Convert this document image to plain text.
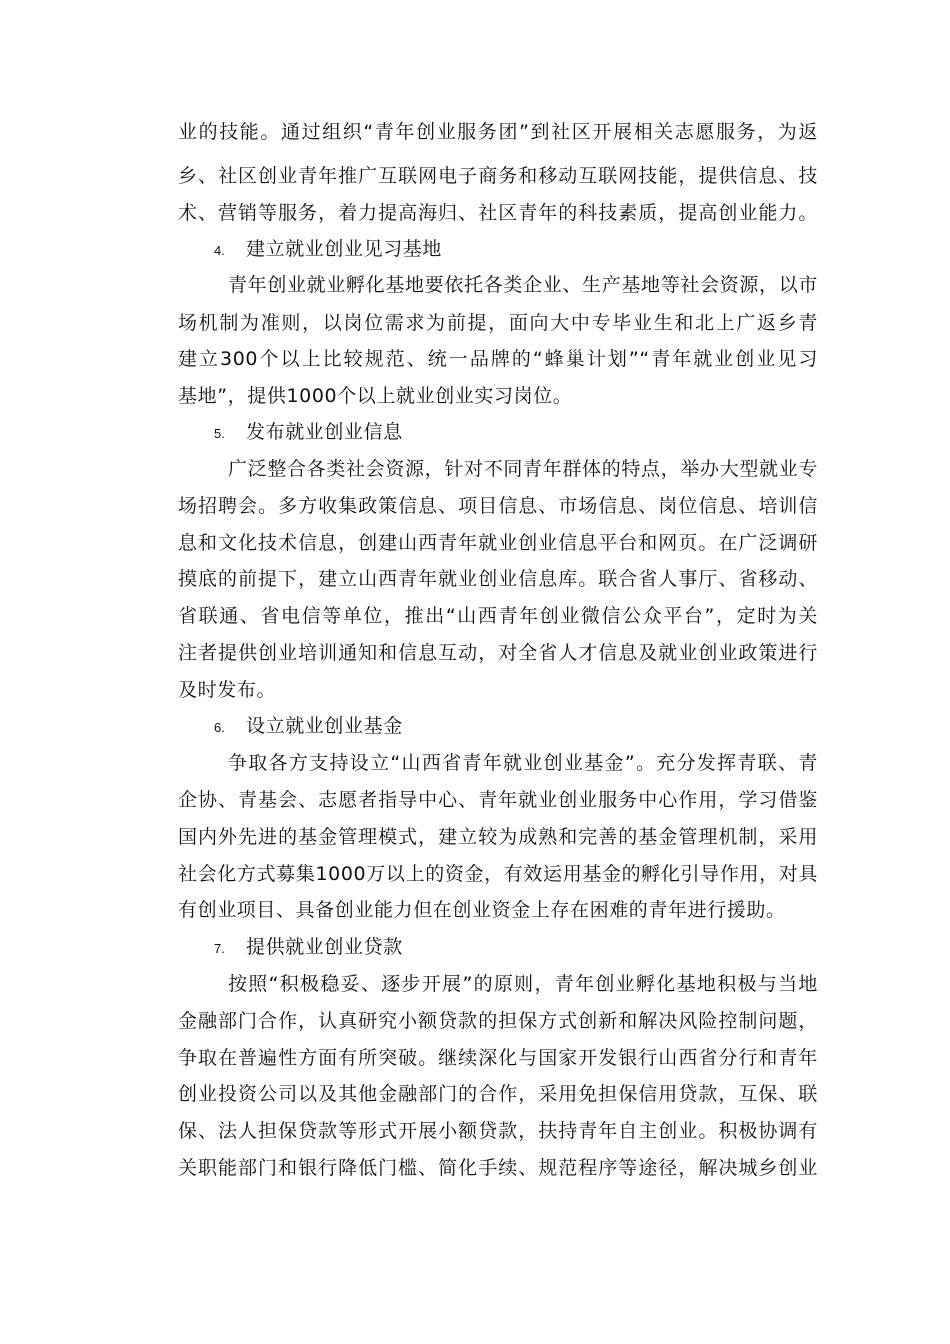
业的技能。通过组织“青年创业服务团”到社区开展相关志愿服务，为返
乡、社区创业青年推广互联网电子商务和移动互联网技能，提供信息、技
术、营销等服务，着力提高海归、社区青年的科技素质，提高创业能力。
4. 建立就业创业见习基地
青年创业就业孵化基地要依托各类企业、生产基地等社会资源，以市
场机制为准则，以岗位需求为前提，面向大中专毕业生和北上广返乡青
建立300个以上比较规范、统一品牌的“蜂巢计划”“青年就业创业见习
基地”，提供1000个以上就业创业实习岗位。
5. 发布就业创业信息
广泛整合各类社会资源，针对不同青年群体的特点，举办大型就业专
场招聘会。多方收集政策信息、项目信息、市场信息、岗位信息、培训信
息和文化技术信息，创建山西青年就业创业信息平台和网页。在广泛调研
摸底的前提下，建立山西青年就业创业信息库。联合省人事厅、省移动、
省联通、省电信等单位，推出“山西青年创业微信公众平台”，定时为关
注者提供创业培训通知和信息互动，对全省人才信息及就业创业政策进行
及时发布。
6. 设立就业创业基金
争取各方支持设立“山西省青年就业创业基金”。充分发挥青联、青
企协、青基会、志愿者指导中心、青年就业创业服务中心作用，学习借鉴
国内外先进的基金管理模式，建立较为成熟和完善的基金管理机制，采用
社会化方式募集1000万以上的资金，有效运用基金的孵化引导作用，对具
有创业项目、具备创业能力但在创业资金上存在困难的青年进行援助。
7. 提供就业创业贷款
按照“积极稳妥、逐步开展”的原则，青年创业孵化基地积极与当地
金融部门合作，认真研究小额贷款的担保方式创新和解决风险控制问题，
争取在普遍性方面有所突破。继续深化与国家开发银行山西省分行和青年
创业投资公司以及其他金融部门的合作，采用免担保信用贷款，互保、联
保、法人担保贷款等形式开展小额贷款，扶持青年自主创业。积极协调有
关职能部门和银行降低门槛、简化手续、规范程序等途径，解决城乡创业
